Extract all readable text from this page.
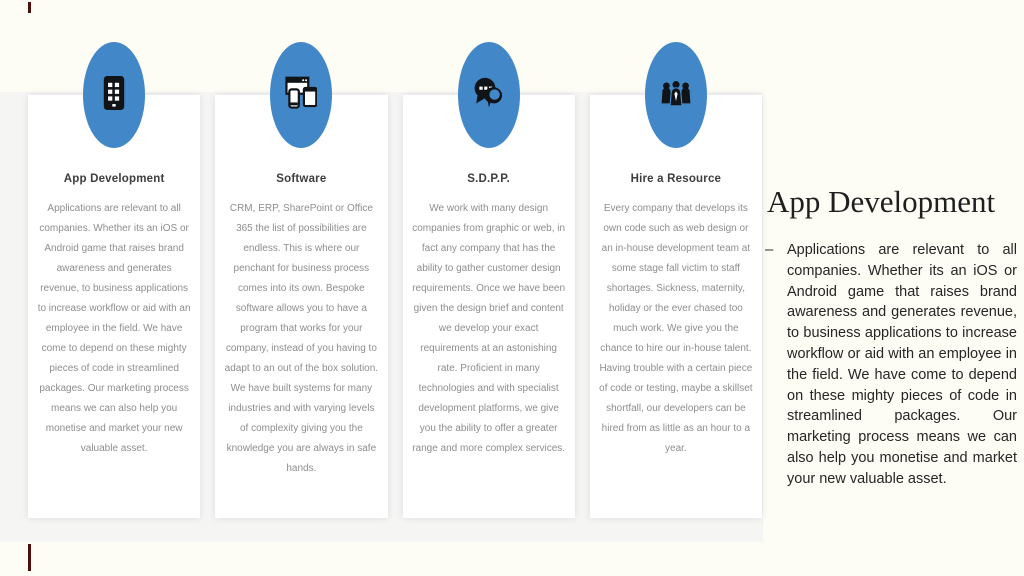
App Development
Applications are relevant to all companies. Whether its an iOS or Android game that raises brand awareness and generates revenue, to business applications to increase workflow or aid with an employee in the field. We have come to depend on these mighty pieces of code in streamlined packages. Our marketing process means we can also help you monetise and market your new valuable asset.
Software
CRM, ERP, SharePoint or Office 365 the list of possibilities are endless. This is where our penchant for business process comes into its own. Bespoke software allows you to have a program that works for your company, instead of you having to adapt to an out of the box solution. We have built systems for many industries and with varying levels of complexity giving you the knowledge you are always in safe hands.
S.D.P.P.
We work with many design companies from graphic or web, in fact any company that has the ability to gather customer design requirements. Once we have been given the design brief and content we develop your exact requirements at an astonishing rate. Proficient in many technologies and with specialist development platforms, we give you the ability to offer a greater range and more complex services.
Hire a Resource
Every company that develops its own code such as web design or an in-house development team at some stage fall victim to staff shortages. Sickness, maternity, holiday or the ever chased too much work. We give you the chance to hire our in-house talent. Having trouble with a certain piece of code or testing, maybe a skillset shortfall, our developers can be hired from as little as an hour to a year.
App Development
– Applications are relevant to all companies. Whether its an iOS or Android game that raises brand awareness and generates revenue, to business applications to increase workflow or aid with an employee in the field. We have come to depend on these mighty pieces of code in streamlined packages. Our marketing process means we can also help you monetise and market your new valuable asset.
